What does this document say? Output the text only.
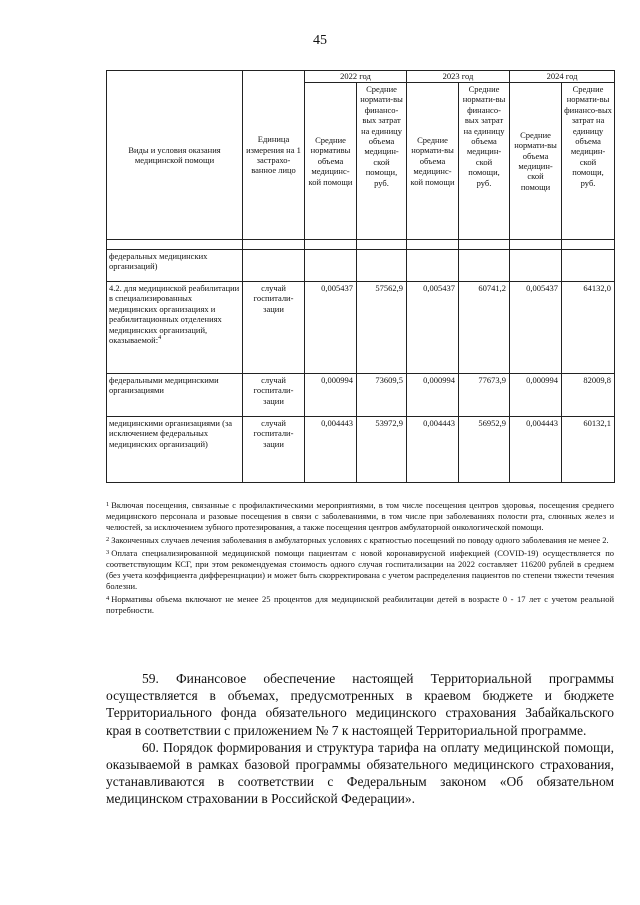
45
Виды и условия оказания медицинской помощи	Единица измерения на 1 застрахо-ванное лицо	2022 год		2023 год		2024 год	
		Средние нормативы объема медицинс-кой помощи	Средние нормати-вы финансо-вых затрат на единицу объема медицин-ской помощи, руб.	Средние нормати-вы объема медицинс-кой помощи	Средние нормати-вы финансо-вых затрат на единицу объема медицин-ской помощи, руб.	Средние нормати-вы объема медицин-ской помощи	Средние нормати-вы финансо-вых затрат на единицу объема медицин-ской помощи, руб.

федеральных медицинских организаций)							
4.2. для медицинской реабилитации в специализированных медицинских организациях и реабилитационных отделениях медицинских организаций, оказываемой:$^4$	случай госпитали-зации	0,005437	57562,9	0,005437	60741,2	0,005437	64132,0
федеральными медицинскими организациями	случай госпитали-зации	0,000994	73609,5	0,000994	77673,9	0,000994	82009,8
медицинскими организациями (за исключением федеральных медицинских организаций)	случай госпитали-зации	0,004443	53972,9	0,004443	56952,9	0,004443	60132,1

$^1$ Включая посещения, связанные с профилактическими мероприятиями, в том числе посещения центров здоровья, посещения среднего медицинского персонала и разовые посещения в связи с заболеваниями, в том числе при заболеваниях полости рта, слюнных желез и челюстей, за исключением зубного протезирования, а также посещения центров амбулаторной онкологической помощи.

$^2$ Законченных случаев лечения заболевания в амбулаторных условиях с кратностью посещений по поводу одного заболевания не менее 2.

$^3$ Оплата специализированной медицинской помощи пациентам с новой коронавирусной инфекцией (COVID-19) осуществляется по соответствующим КСГ, при этом рекомендуемая стоимость одного случая госпитализации на 2022 составляет 116200 рублей в среднем (без учета коэффициента дифференциации) и может быть скорректирована с учетом распределения пациентов по степени тяжести течения болезни.

$^4$ Нормативы объема включают не менее 25 процентов для медицинской реабилитации детей в возрасте 0 - 17 лет с учетом реальной потребности.

59. Финансовое обеспечение настоящей Территориальной программы осуществляется в объемах, предусмотренных в краевом бюджете и бюджете Территориального фонда обязательного медицинского страхования Забайкальского края в соответствии с приложением № 7 к настоящей Территориальной программе.

60. Порядок формирования и структура тарифа на оплату медицинской помощи, оказываемой в рамках базовой программы обязательного медицинского страхования, устанавливаются в соответствии с Федеральным законом «Об обязательном медицинском страховании в Российской Федерации».
